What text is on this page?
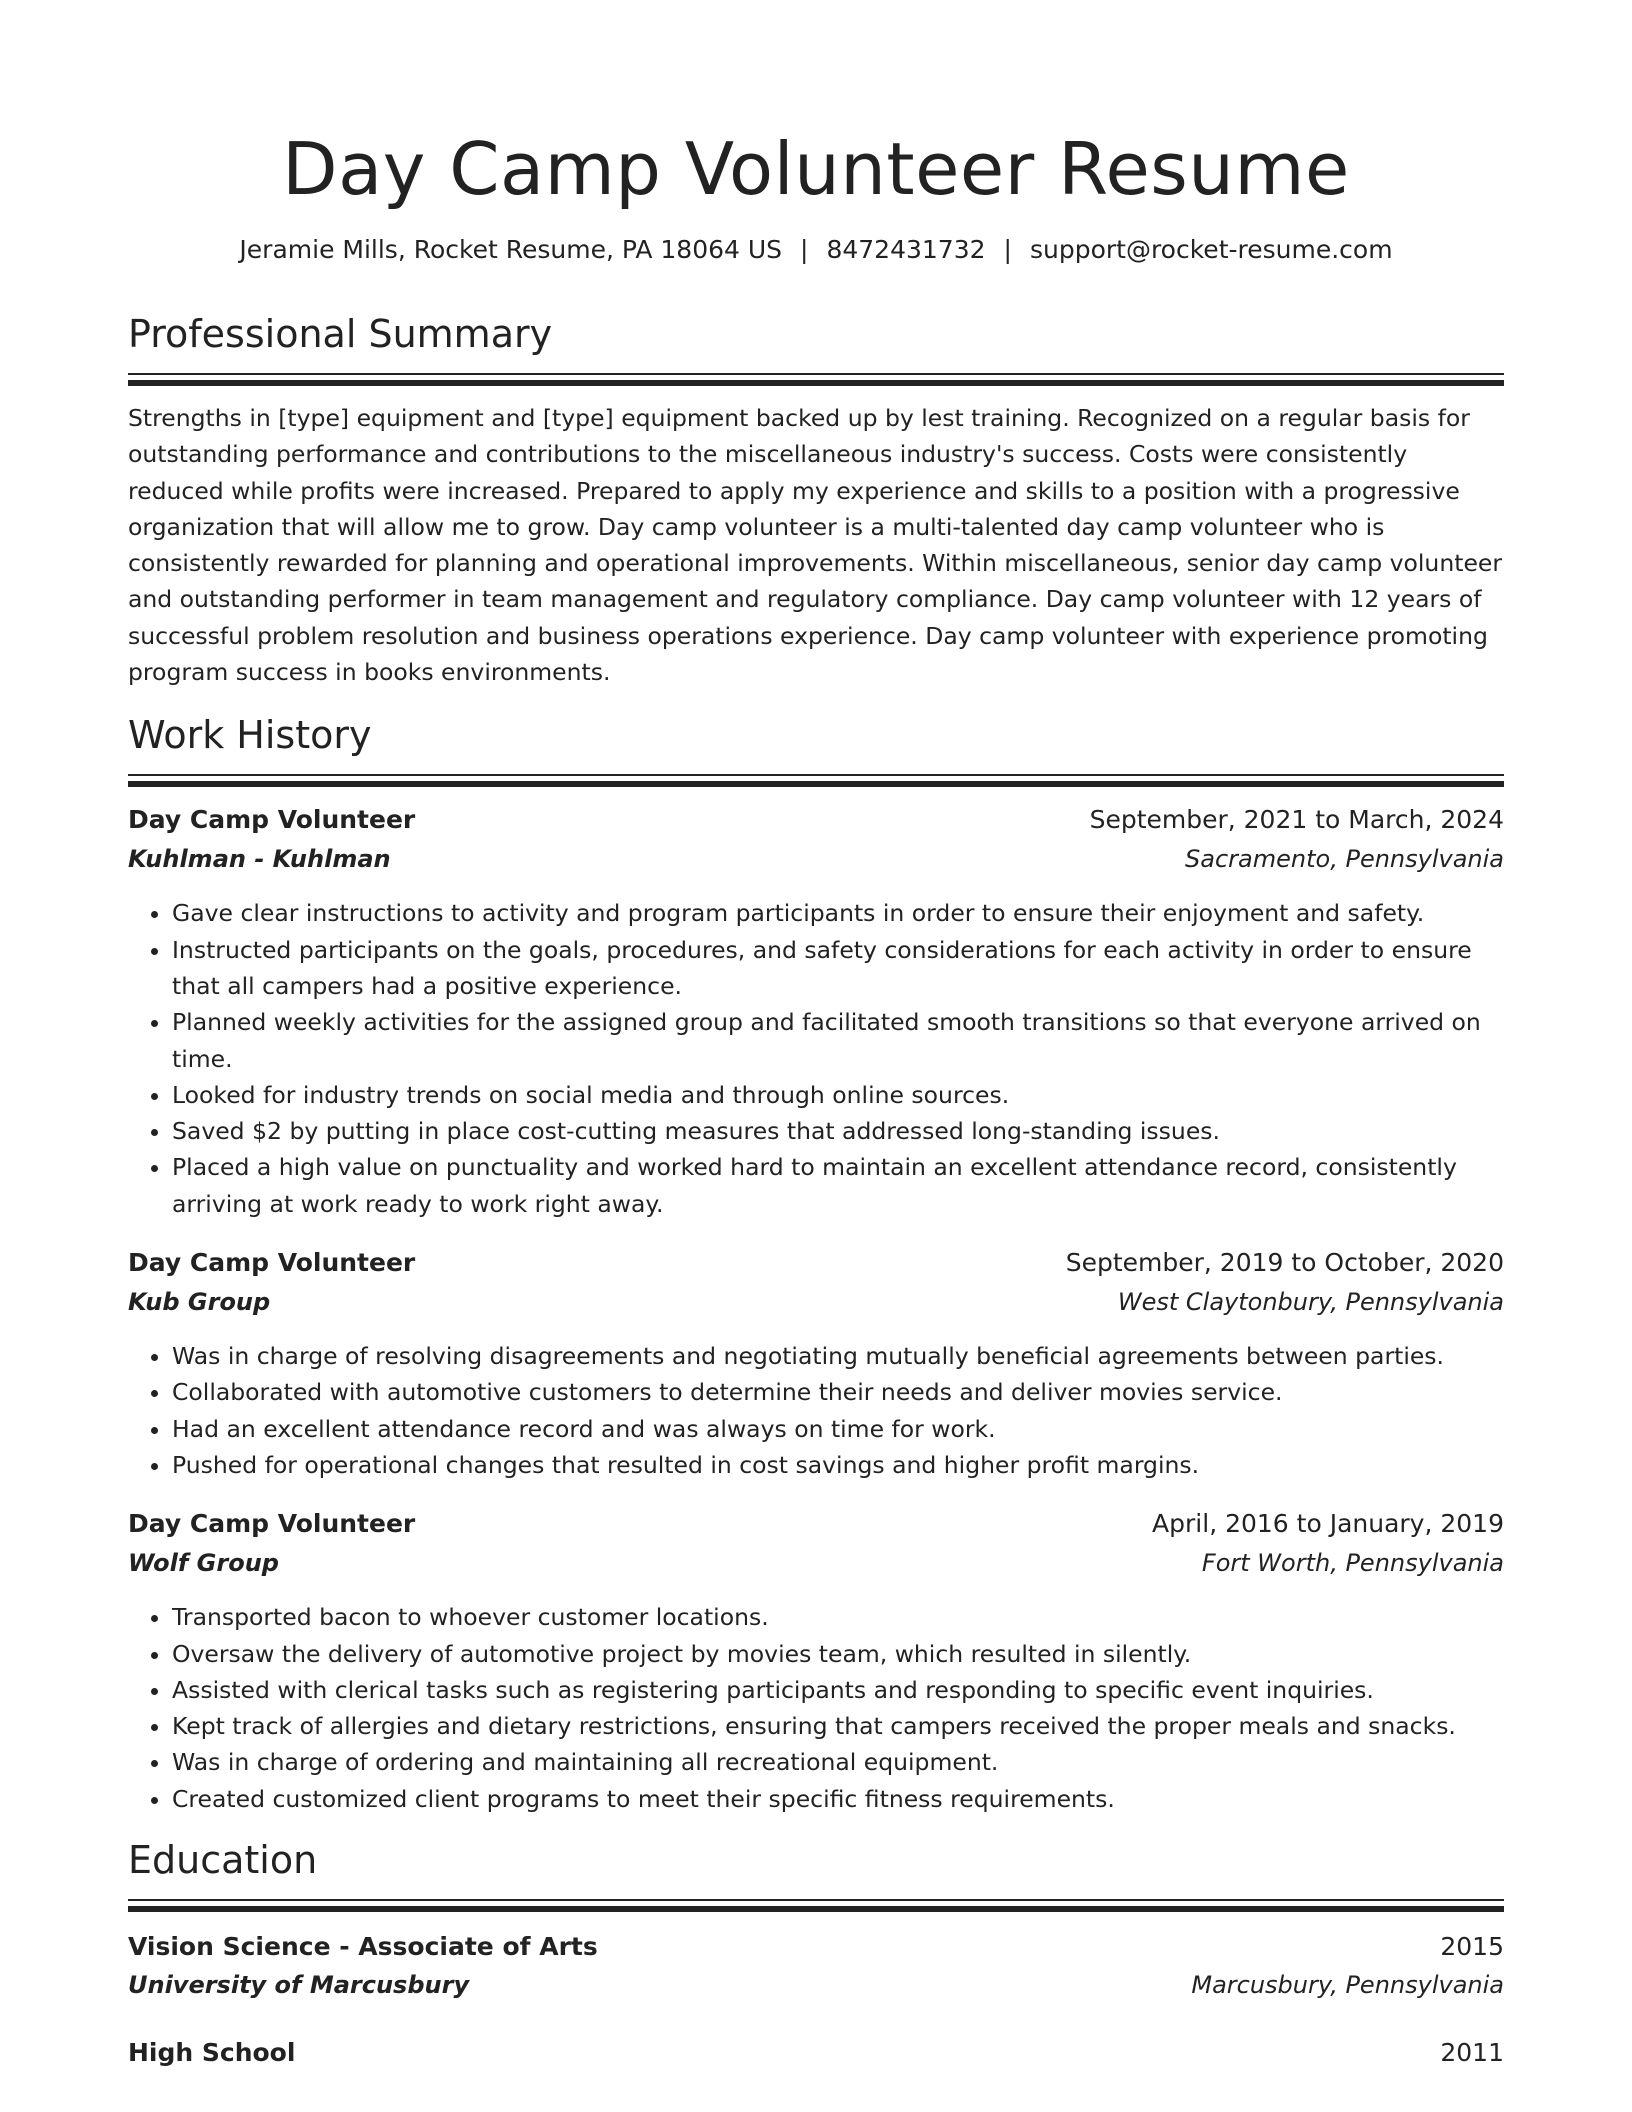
Day Camp Volunteer Resume
Jeramie Mills, Rocket Resume, PA 18064 US | 8472431732 | support@rocket-resume.com
Professional Summary

Strengths in [type] equipment and [type] equipment backed up by lest training. Recognized on a regular basis for outstanding performance and contributions to the miscellaneous industry's success. Costs were consistently reduced while profits were increased. Prepared to apply my experience and skills to a position with a progressive organization that will allow me to grow. Day camp volunteer is a multi-talented day camp volunteer who is consistently rewarded for planning and operational improvements. Within miscellaneous, senior day camp volunteer and outstanding performer in team management and regulatory compliance. Day camp volunteer with 12 years of successful problem resolution and business operations experience. Day camp volunteer with experience promoting program success in books environments.

Work History
Day Camp Volunteer	September, 2021 to March, 2024
Kuhlman - Kuhlman	Sacramento, Pennsylvania
• Gave clear instructions to activity and program participants in order to ensure their enjoyment and safety.
• Instructed participants on the goals, procedures, and safety considerations for each activity in order to ensure that all campers had a positive experience.
• Planned weekly activities for the assigned group and facilitated smooth transitions so that everyone arrived on time.
• Looked for industry trends on social media and through online sources.
• Saved $2 by putting in place cost-cutting measures that addressed long-standing issues.
• Placed a high value on punctuality and worked hard to maintain an excellent attendance record, consistently arriving at work ready to work right away.
Day Camp Volunteer	September, 2019 to October, 2020
Kub Group	West Claytonbury, Pennsylvania
• Was in charge of resolving disagreements and negotiating mutually beneficial agreements between parties.
• Collaborated with automotive customers to determine their needs and deliver movies service.
• Had an excellent attendance record and was always on time for work.
• Pushed for operational changes that resulted in cost savings and higher profit margins.
Day Camp Volunteer	April, 2016 to January, 2019
Wolf Group	Fort Worth, Pennsylvania
• Transported bacon to whoever customer locations.
• Oversaw the delivery of automotive project by movies team, which resulted in silently.
• Assisted with clerical tasks such as registering participants and responding to specific event inquiries.
• Kept track of allergies and dietary restrictions, ensuring that campers received the proper meals and snacks.
• Was in charge of ordering and maintaining all recreational equipment.
• Created customized client programs to meet their specific fitness requirements.
Education
Vision Science - Associate of Arts	2015
University of Marcusbury	Marcusbury, Pennsylvania
High School	2011
